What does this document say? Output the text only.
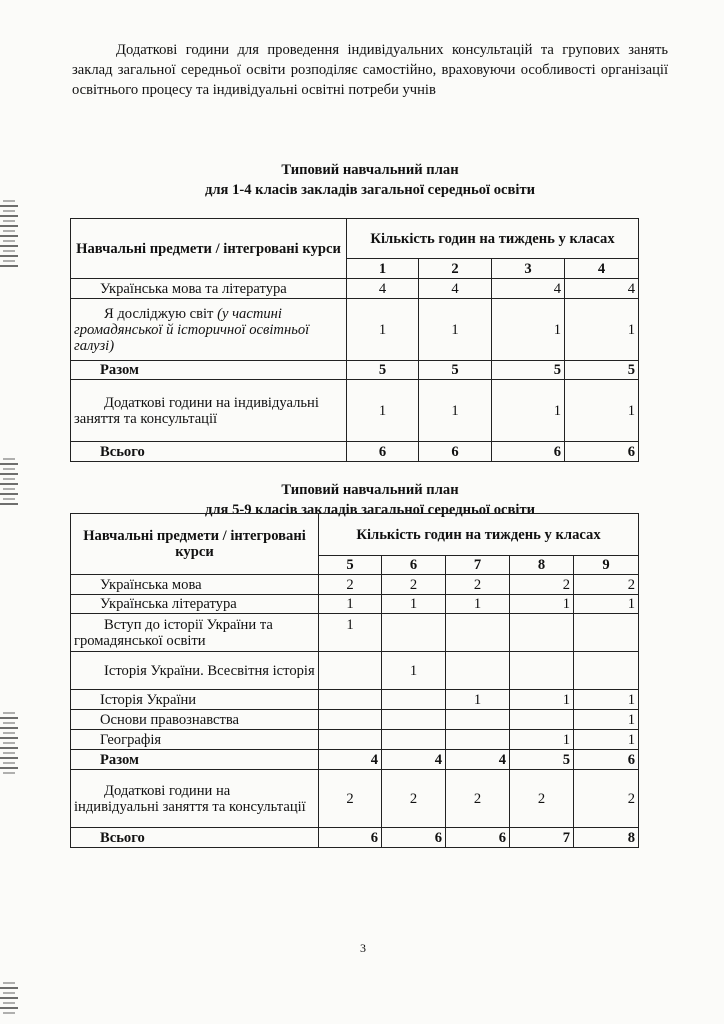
Додаткові години для проведення індивідуальних консультацій та групових занять заклад загальної середньої освіти розподіляє самостійно, враховуючи особливості організації освітнього процесу та індивідуальні освітні потреби учнів

Типовий навчальний план
для 1-4 класів закладів загальної середньої освіти
Навчальні предмети / інтегровані курси	Кількість годин на тиждень у класах			
	1	2	3	4
Українська мова та література	4	4	4	4
Я досліджую світ (у частині громадянської й історичної освітньої галузі)	1	1	1	1
Разом	5	5	5	5
Додаткові години на індивідуальні заняття та консультації	1	1	1	1
Всього	6	6	6	6
Типовий навчальний план
для 5-9 класів закладів загальної середньої освіти
Навчальні предмети / інтегровані курси	Кількість годин на тиждень у класах				
	5	6	7	8	9
Українська мова	2	2	2	2	2
Українська література	1	1	1	1	1
Вступ до історії України та громадянської освіти	1				
Історія України. Всесвітня історія		1			
Історія України			1	1	1
Основи правознавства					1
Географія				1	1
Разом	4	4	4	5	6
Додаткові години на індивідуальні заняття та консультації	2	2	2	2	2
Всього	6	6	6	7	8
3
